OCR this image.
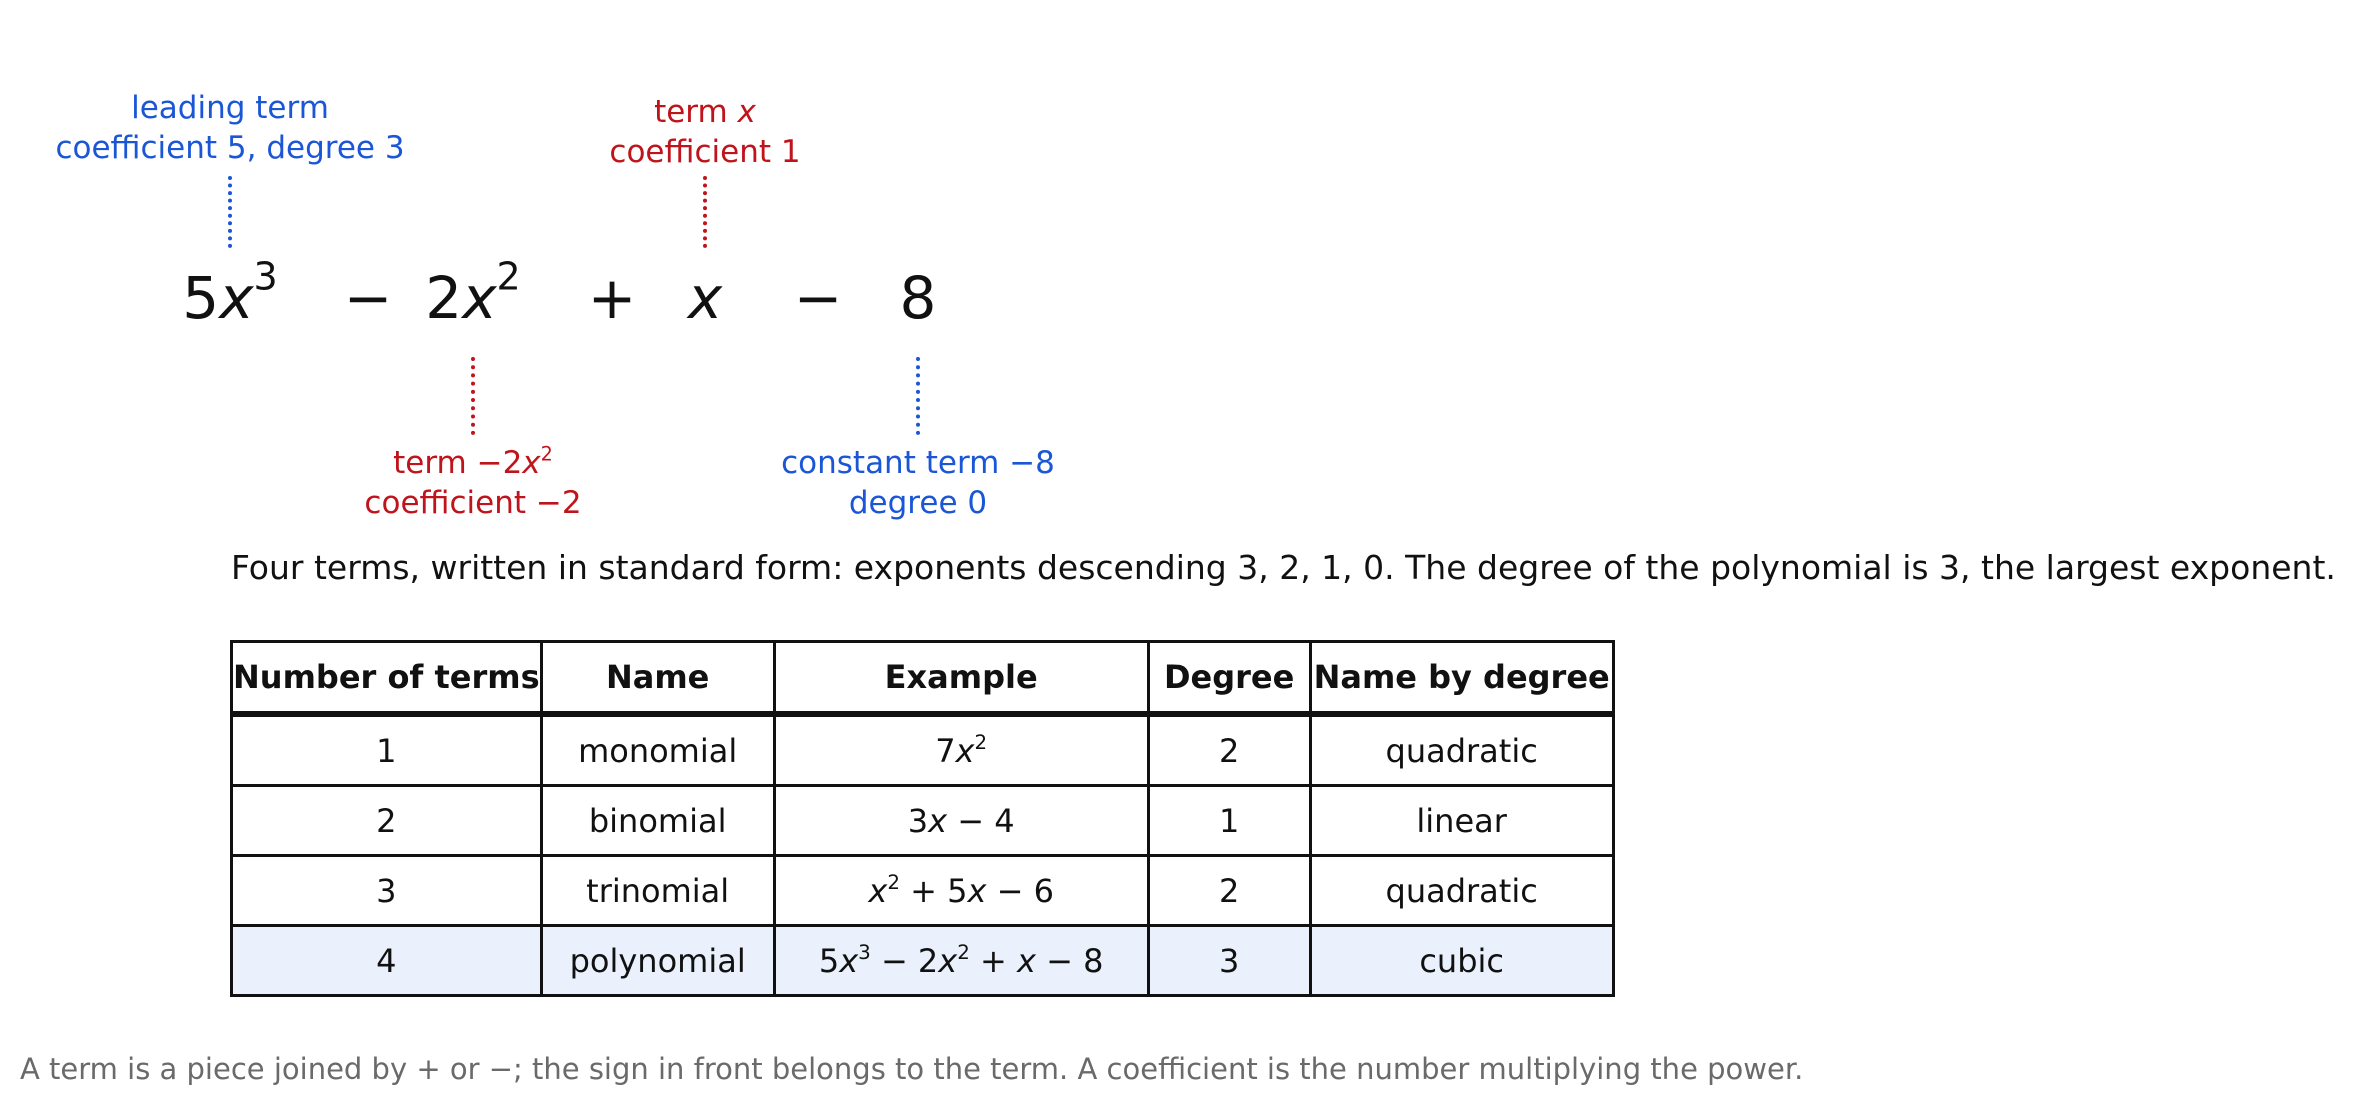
leading term
coefficient 5, degree 3
term x
coefficient 1
$5x^3 - 2x^2 + x - 8$
term $-2x^2$
coefficient −2
constant term −8
degree 0
Four terms, written in standard form: exponents descending 3, 2, 1, 0. The degree of the polynomial is 3, the largest exponent.
Number of terms	Name	Example	Degree	Name by degree
1	monomial	$7x^2$	2	quadratic
2	binomial	3x − 4	1	linear
3	trinomial	$x^2 + 5x - 6$	2	quadratic
4	polynomial	$5x^3 - 2x^2 + x - 8$	3	cubic
A term is a piece joined by + or −; the sign in front belongs to the term. A coefficient is the number multiplying the power.
